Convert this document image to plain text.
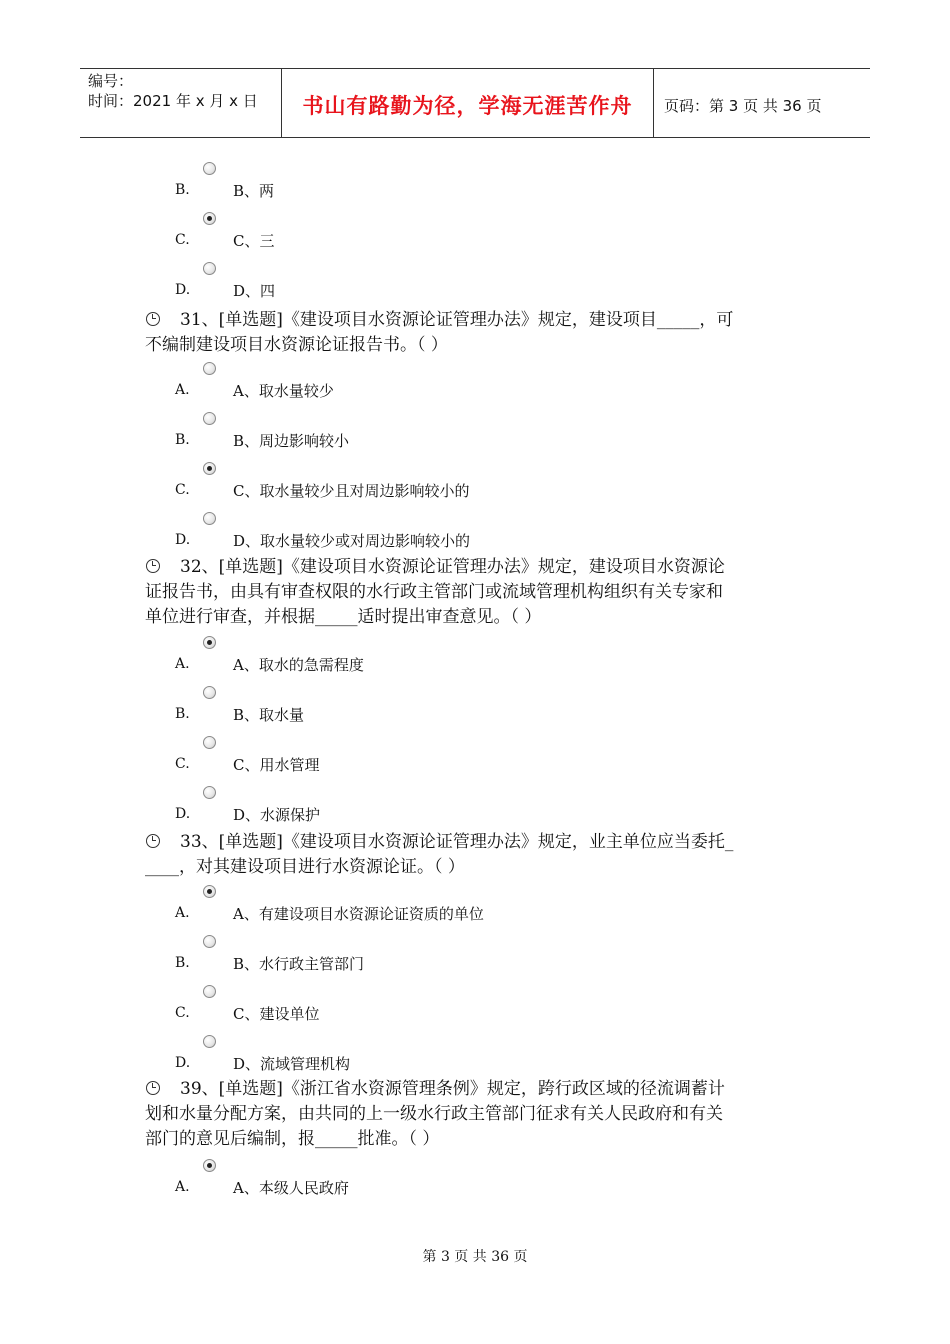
编号：
时间：2021 年 x 月 x 日	书山有路勤为径，学海无涯苦作舟	页码：第 3 页 共 36 页
B.	B、两
C.	C、三
D.	D、四
31、[单选题]《建设项目水资源论证管理办法》规定，建设项目_____，可
不编制建设项目水资源论证报告书。（ ）
A.	A、取水量较少
B.	B、周边影响较小
C.	C、取水量较少且对周边影响较小的
D.	D、取水量较少或对周边影响较小的
32、[单选题]《建设项目水资源论证管理办法》规定，建设项目水资源论
证报告书，由具有审查权限的水行政主管部门或流域管理机构组织有关专家和
单位进行审查，并根据_____适时提出审查意见。（ ）
A.	A、取水的急需程度
B.	B、取水量
C.	C、用水管理
D.	D、水源保护
33、[单选题]《建设项目水资源论证管理办法》规定，业主单位应当委托_
____，对其建设项目进行水资源论证。（ ）
A.	A、有建设项目水资源论证资质的单位
B.	B、水行政主管部门
C.	C、建设单位
D.	D、流域管理机构
39、[单选题]《浙江省水资源管理条例》规定，跨行政区域的径流调蓄计
划和水量分配方案，由共同的上一级水行政主管部门征求有关人民政府和有关
部门的意见后编制，报_____批准。（ ）
A.	A、本级人民政府
第 3 页 共 36 页
